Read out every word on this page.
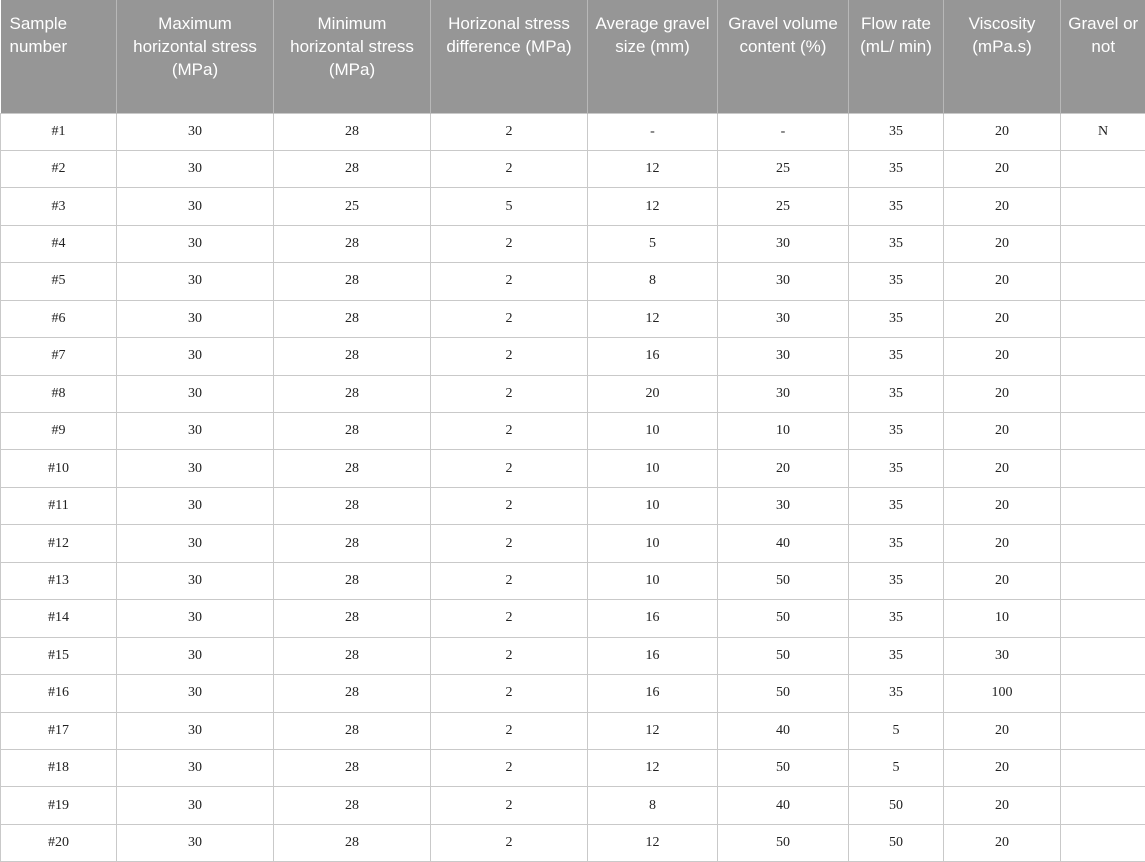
Sample number	Maximum horizontal stress (MPa)	Minimum horizontal stress (MPa)	Horizonal stress difference (MPa)	Average gravel size (mm)	Gravel volume content (%)	Flow rate (mL/ min)	Viscosity (mPa.s)	Gravel or not
#1	30	28	2	-	-	35	20	N
#2	30	28	2	12	25	35	20	
#3	30	25	5	12	25	35	20	
#4	30	28	2	5	30	35	20	
#5	30	28	2	8	30	35	20	
#6	30	28	2	12	30	35	20	
#7	30	28	2	16	30	35	20	
#8	30	28	2	20	30	35	20	
#9	30	28	2	10	10	35	20	
#10	30	28	2	10	20	35	20	
#11	30	28	2	10	30	35	20	
#12	30	28	2	10	40	35	20	
#13	30	28	2	10	50	35	20	
#14	30	28	2	16	50	35	10	
#15	30	28	2	16	50	35	30	
#16	30	28	2	16	50	35	100	
#17	30	28	2	12	40	5	20	
#18	30	28	2	12	50	5	20	
#19	30	28	2	8	40	50	20	
#20	30	28	2	12	50	50	20	
